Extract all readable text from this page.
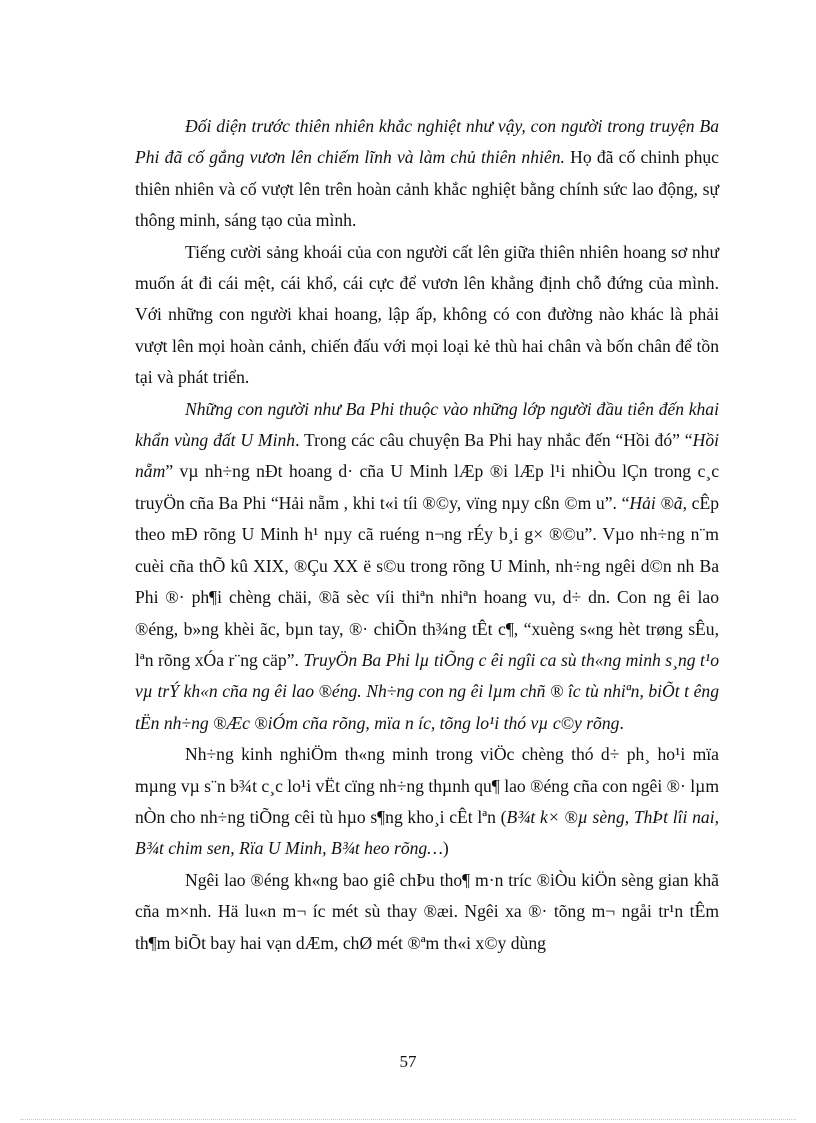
Đối diện trước thiên nhiên khắc nghiệt như vậy, con người trong truyện Ba Phi đã cố gắng vươn lên chiếm lĩnh và làm chủ thiên nhiên. Họ đã cố chinh phục thiên nhiên và cố vượt lên trên hoàn cảnh khắc nghiệt bằng chính sức lao động, sự thông minh, sáng tạo của mình.

Tiếng cười sảng khoái của con người cất lên giữa thiên nhiên hoang sơ như muốn át đi cái mệt, cái khổ, cái cực để vươn lên khẳng định chỗ đứng của mình. Với những con người khai hoang, lập ấp, không có con đường nào khác là phải vượt lên mọi hoàn cảnh, chiến đấu với mọi loại kẻ thù hai chân và bốn chân để tồn tại và phát triển.

Những con người như Ba Phi thuộc vào những lớp người đầu tiên đến khai khẩn vùng đất U Minh. Trong các câu chuyện Ba Phi hay nhắc đến “Hồi đó” “Hồi nẵm” vµ nh÷ng nÐt hoang d· cña U Minh lÆp ®i lÆp l¹i nhiÒu lÇn trong c¸c truyÖn cña Ba Phi “Hải nẵm , khi t«i tíi ®©y, vïng nµy cßn ©m u”. “Hải ®ã, cÊp theo mÐ rõng U Minh h¹ nµy cã ruéng n¬ng rÉy b¸i g× ®©u”. Vµo nh÷ng n¨m cuèi cña thÕ kû XIX, ®Çu XX ë s©u trong rõng U Minh, nh÷ng ngêi d©n nh Ba Phi ®· ph¶i chèng chäi, ®ã sèc víi thiªn nhiªn hoang vu, d÷ dn. Con ng êi lao ®éng, b»ng khèi ãc, bµn tay, ®· chiÕn th¾ng tÊt c¶, “xuèng s«ng hèt trøng sÊu, lªn rõng xÓa r¨ng cäp”. TruyÖn Ba Phi lµ tiÕng c êi ngîi ca sù th«ng minh s¸ng t¹o vµ trÝ kh«n cña ng êi lao ®éng. Nh÷ng con ng êi lµm chñ ® îc tù nhiªn, biÕt t êng tËn nh÷ng ®Æc ®iÓm cña rõng, mïa n íc, tõng lo¹i thó vµ c©y rõng.

Nh÷ng kinh nghiÖm th«ng minh trong viÖc chèng thó d÷ ph¸ ho¹i mïa mµng vµ s¨n b¾t c¸c lo¹i vËt cïng nh÷ng thµnh qu¶ lao ®éng cña con ngêi ®· lµm nÒn cho nh÷ng tiÕng cêi tù hµo s¶ng kho¸i cÊt lªn (B¾t k× ®µ sèng, ThÞt lîi nai, B¾t chim sen, Rïa U Minh, B¾t heo rõng…)

Ngêi lao ®éng kh«ng bao giê chÞu tho¶ m·n tríc ®iÒu kiÖn sèng gian khã cña m×nh. Hä lu«n m¬ íc mét sù thay ®æi. Ngêi xa ®· tõng m¬ ngåi tr¹n tÊm th¶m biÕt bay hai vạn dÆm, chØ mét ®ªm th«i x©y dùng

57
